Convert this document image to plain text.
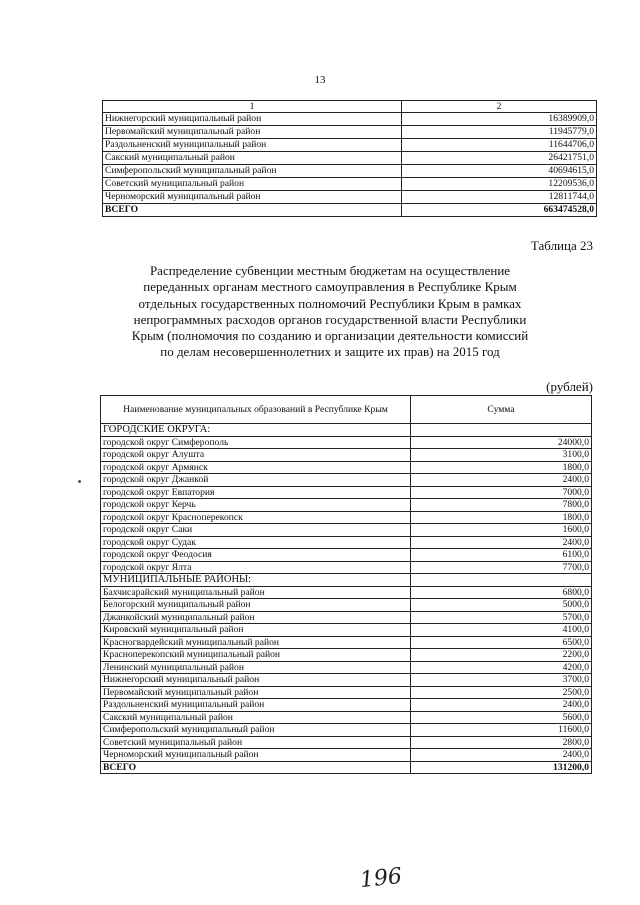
13
1	2
Нижнегорский муниципальный район	16389909,0
Первомайский муниципальный район	11945779,0
Раздольненский муниципальный район	11644706,0
Сакский муниципальный район	26421751,0
Симферопольский муниципальный район	40694615,0
Советский муниципальный район	12209536,0
Черноморский муниципальный район	12811744,0
ВСЕГО	663474528,0
Таблица 23
Распределение субвенции местным бюджетам на осуществление
переданных органам местного самоуправления в Республике Крым
отдельных государственных полномочий Республики Крым в рамках
непрограммных расходов органов государственной власти Республики
Крым (полномочия по созданию и организации деятельности комиссий
по делам несовершеннолетних и защите их прав) на 2015 год
(рублей)
Наименование муниципальных образований в Республике Крым	Сумма
ГОРОДСКИЕ ОКРУГА:	
городской округ Симферополь	24000,0
городской округ Алушта	3100,0
городской округ Армянск	1800,0
городской округ Джанкой	2400,0
городской округ Евпатория	7000,0
городской округ Керчь	7800,0
городской округ Красноперекопск	1800,0
городской округ Саки	1600,0
городской округ Судак	2400,0
городской округ Феодосия	6100,0
городской округ Ялта	7700,0
МУНИЦИПАЛЬНЫЕ РАЙОНЫ:	
Бахчисарайский муниципальный район	6800,0
Белогорский муниципальный район	5000,0
Джанкойский муниципальный район	5700,0
Кировский муниципальный район	4100,0
Красногвардейский муниципальный район	6500,0
Красноперекопский муниципальный район	2200,0
Ленинский муниципальный район	4200,0
Нижнегорский муниципальный район	3700,0
Первомайский муниципальный район	2500,0
Раздольненский муниципальный район	2400,0
Сакский муниципальный район	5600,0
Симферопольский муниципальный район	11600,0
Советский муниципальный район	2800,0
Черноморский муниципальный район	2400,0
ВСЕГО	131200,0
196
